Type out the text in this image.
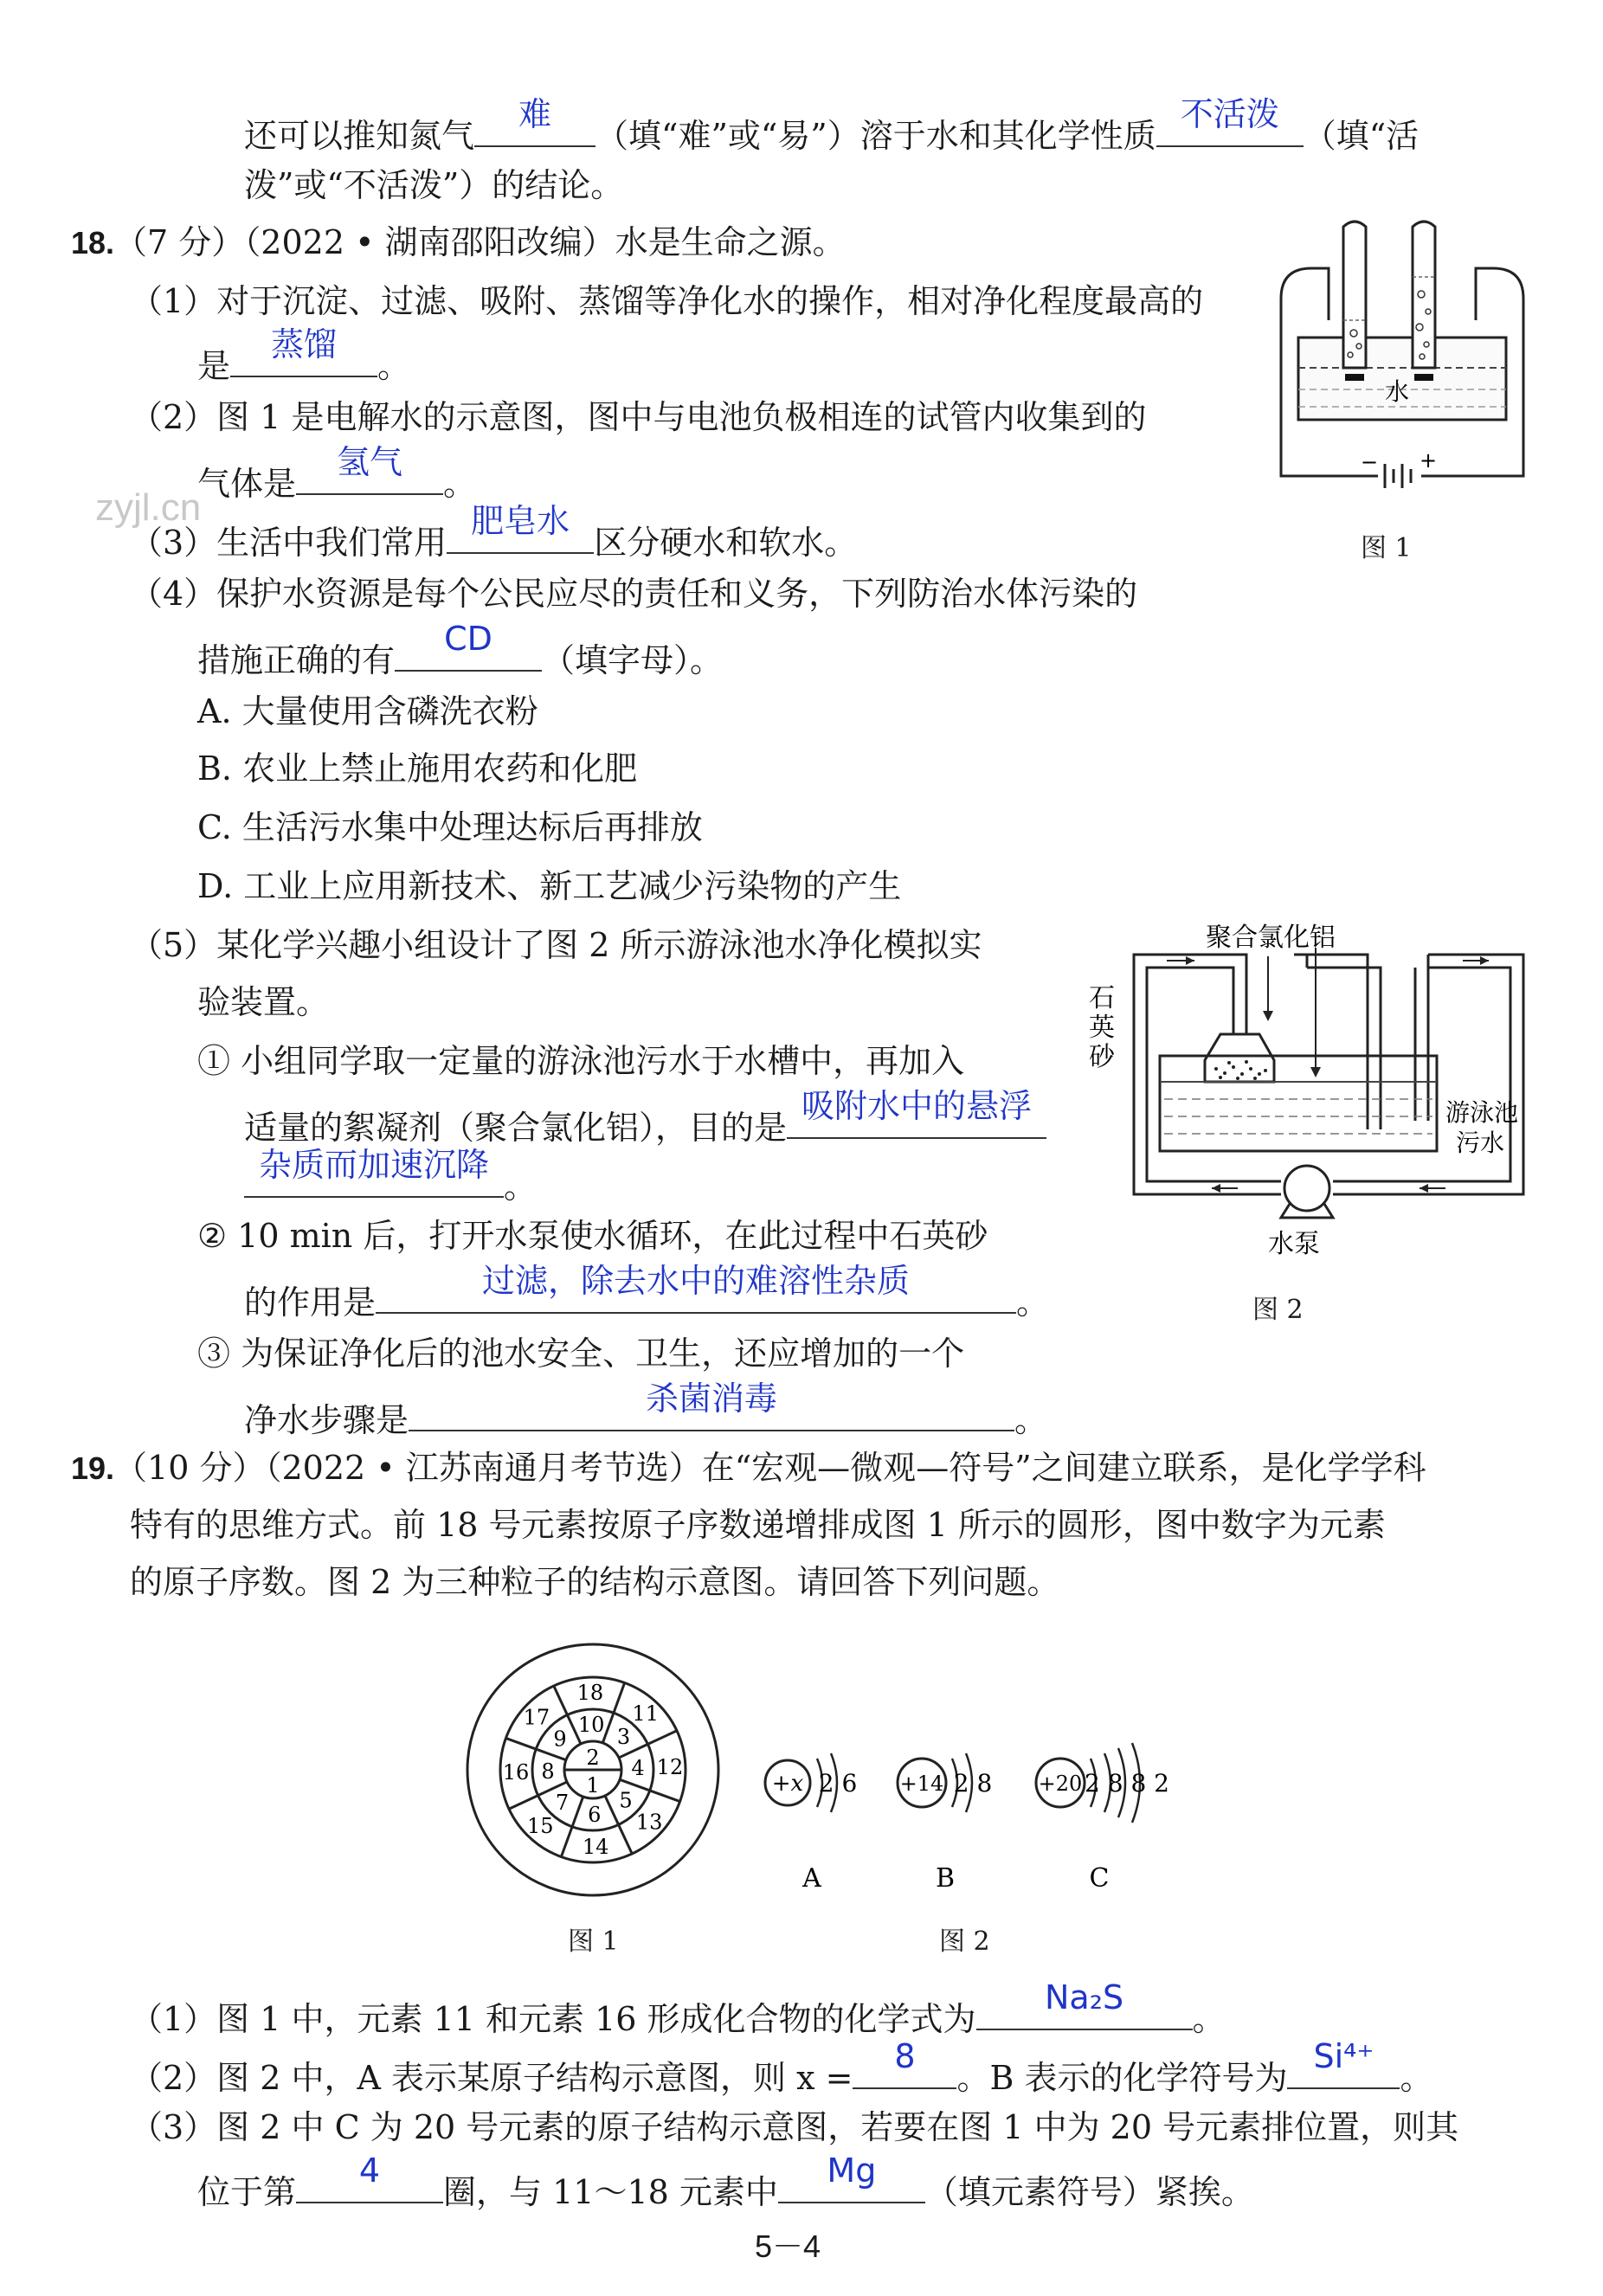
还可以推知氮气
难
（填“难”或“易”）溶于水和其化学性质
不活泼
（填“活
泼”或“不活泼”）的结论。
18.（7 分）（2022 • 湖南邵阳改编）水是生命之源。
（1）对于沉淀、过滤、吸附、蒸馏等净化水的操作，相对净化程度最高的
是
蒸馏
。
（2）图 1 是电解水的示意图，图中与电池负极相连的试管内收集到的
气体是
氢气
。
（3）生活中我们常用
肥皂水
区分硬水和软水。
（4）保护水资源是每个公民应尽的责任和义务，下列防治水体污染的
措施正确的有
CD
（填字母）。
A. 大量使用含磷洗衣粉
B. 农业上禁止施用农药和化肥
C. 生活污水集中处理达标后再排放
D. 工业上应用新技术、新工艺减少污染物的产生
（5）某化学兴趣小组设计了图 2 所示游泳池水净化模拟实
验装置。
① 小组同学取一定量的游泳池污水于水槽中，再加入
适量的絮凝剂（聚合氯化铝），目的是
吸附水中的悬浮
杂质而加速沉降
。
② 10 min 后，打开水泵使水循环，在此过程中石英砂
的作用是
过滤，除去水中的难溶性杂质
。
③ 为保证净化后的池水安全、卫生，还应增加的一个
净水步骤是
杀菌消毒
。
水
− +
图 1
聚合氯化铝
石
英
砂
水泵
游泳池
污水
图 2
19.（10 分）（2022 • 江苏南通月考节选）在“宏观—微观—符号”之间建立联系，是化学学科
特有的思维方式。前 18 号元素按原子序数递增排成图 1 所示的圆形，图中数字为元素
的原子序数。图 2 为三种粒子的结构示意图。请回答下列问题。
2
1
3
4
5
6
7
8
9
10 11
12
13
14
15
16
17
18
图 1
+x 2 6
A
+14 2 8
B
+20 2 8 8 2
C
图 2
（1）图 1 中，元素 11 和元素 16 形成化合物的化学式为
Na₂S
。
（2）图 2 中，A 表示某原子结构示意图，则 x =
8
。B 表示的化学符号为
Si⁴⁺
。
（3）图 2 中 C 为 20 号元素的原子结构示意图，若要在图 1 中为 20 号元素排位置，则其
位于第
4
圈，与 11～18 元素中
Mg
（填元素符号）紧挨。
zyjl.cn
5－4
